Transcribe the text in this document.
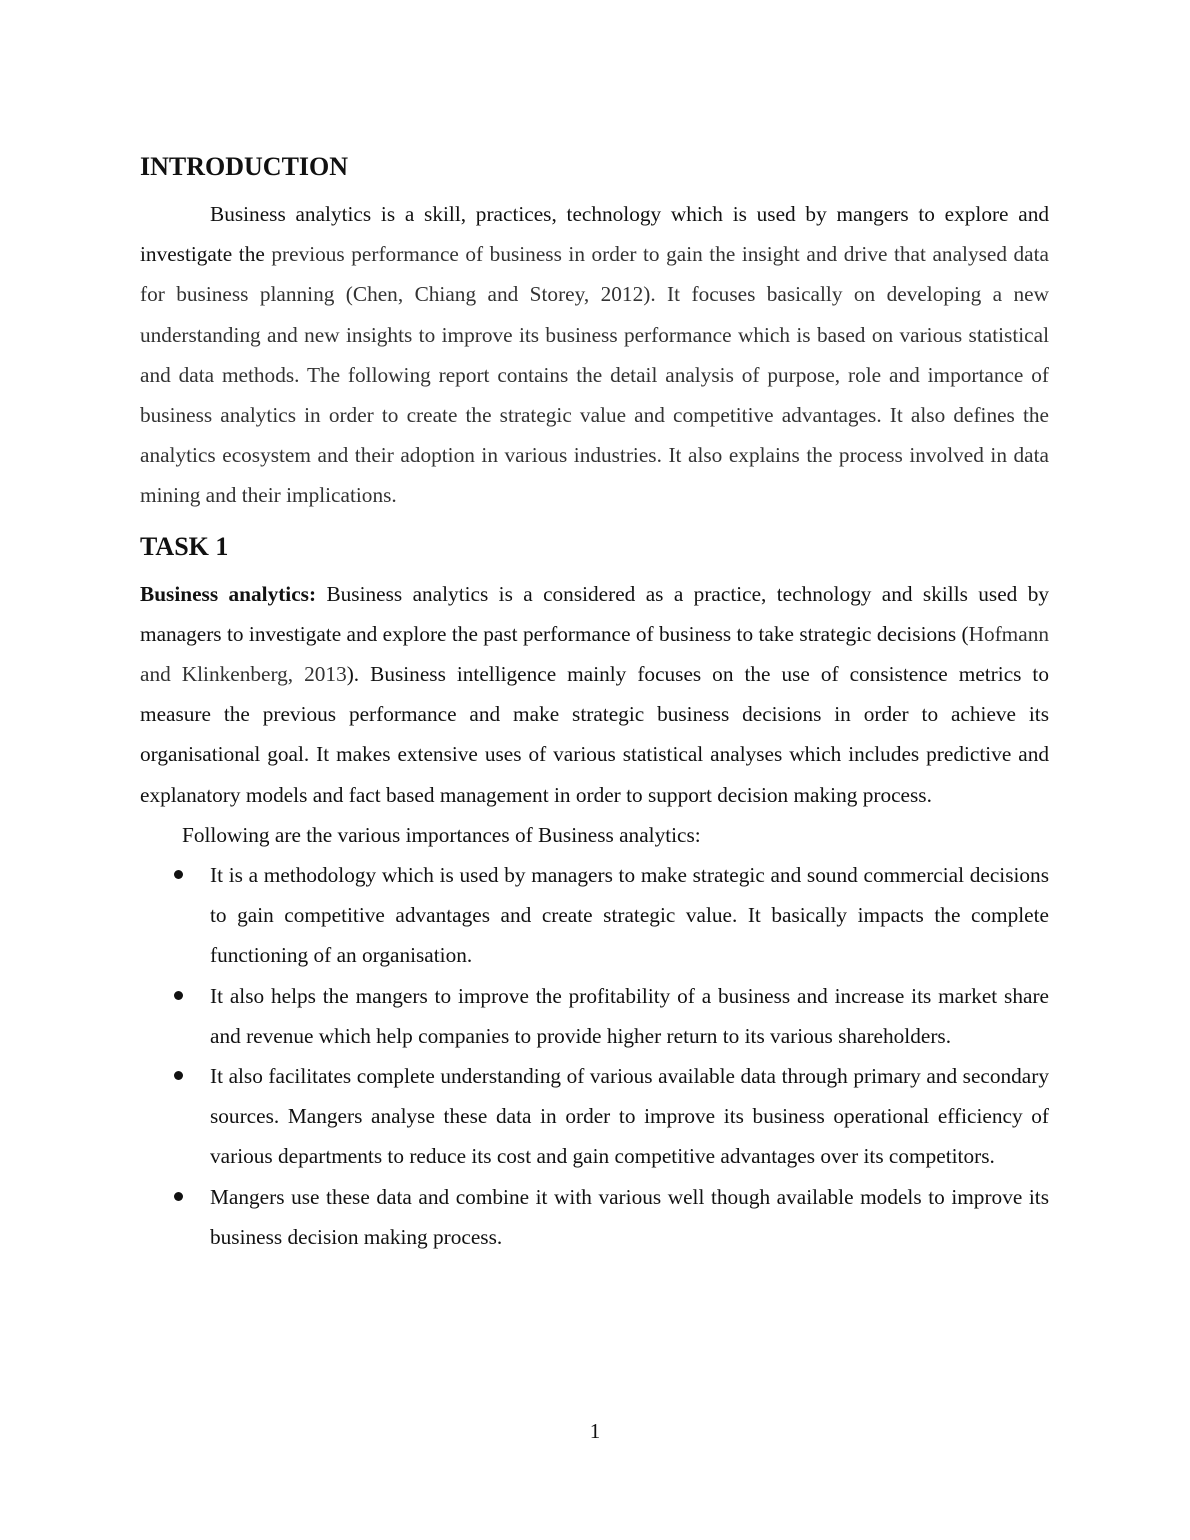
INTRODUCTION

Business analytics is a skill, practices, technology which is used by mangers to explore and investigate the previous performance of business in order to gain the insight and drive that analysed data for business planning (Chen, Chiang and Storey, 2012). It focuses basically on developing a new understanding and new insights to improve its business performance which is based on various statistical and data methods. The following report contains the detail analysis of purpose, role and importance of business analytics in order to create the strategic value and competitive advantages. It also defines the analytics ecosystem and their adoption in various industries. It also explains the process involved in data mining and their implications.

TASK 1

Business analytics: Business analytics is a considered as a practice, technology and skills used by managers to investigate and explore the past performance of business to take strategic decisions (Hofmann and Klinkenberg, 2013). Business intelligence mainly focuses on the use of consistence metrics to measure the previous performance and make strategic business decisions in order to achieve its organisational goal. It makes extensive uses of various statistical analyses which includes predictive and explanatory models and fact based management in order to support decision making process.

Following are the various importances of Business analytics:

It is a methodology which is used by managers to make strategic and sound commercial decisions to gain competitive advantages and create strategic value. It basically impacts the complete functioning of an organisation.
It also helps the mangers to improve the profitability of a business and increase its market share and revenue which help companies to provide higher return to its various shareholders.
It also facilitates complete understanding of various available data through primary and secondary sources. Mangers analyse these data in order to improve its business operational efficiency of various departments to reduce its cost and gain competitive advantages over its competitors.
Mangers use these data and combine it with various well though available models to improve its business decision making process.
1
